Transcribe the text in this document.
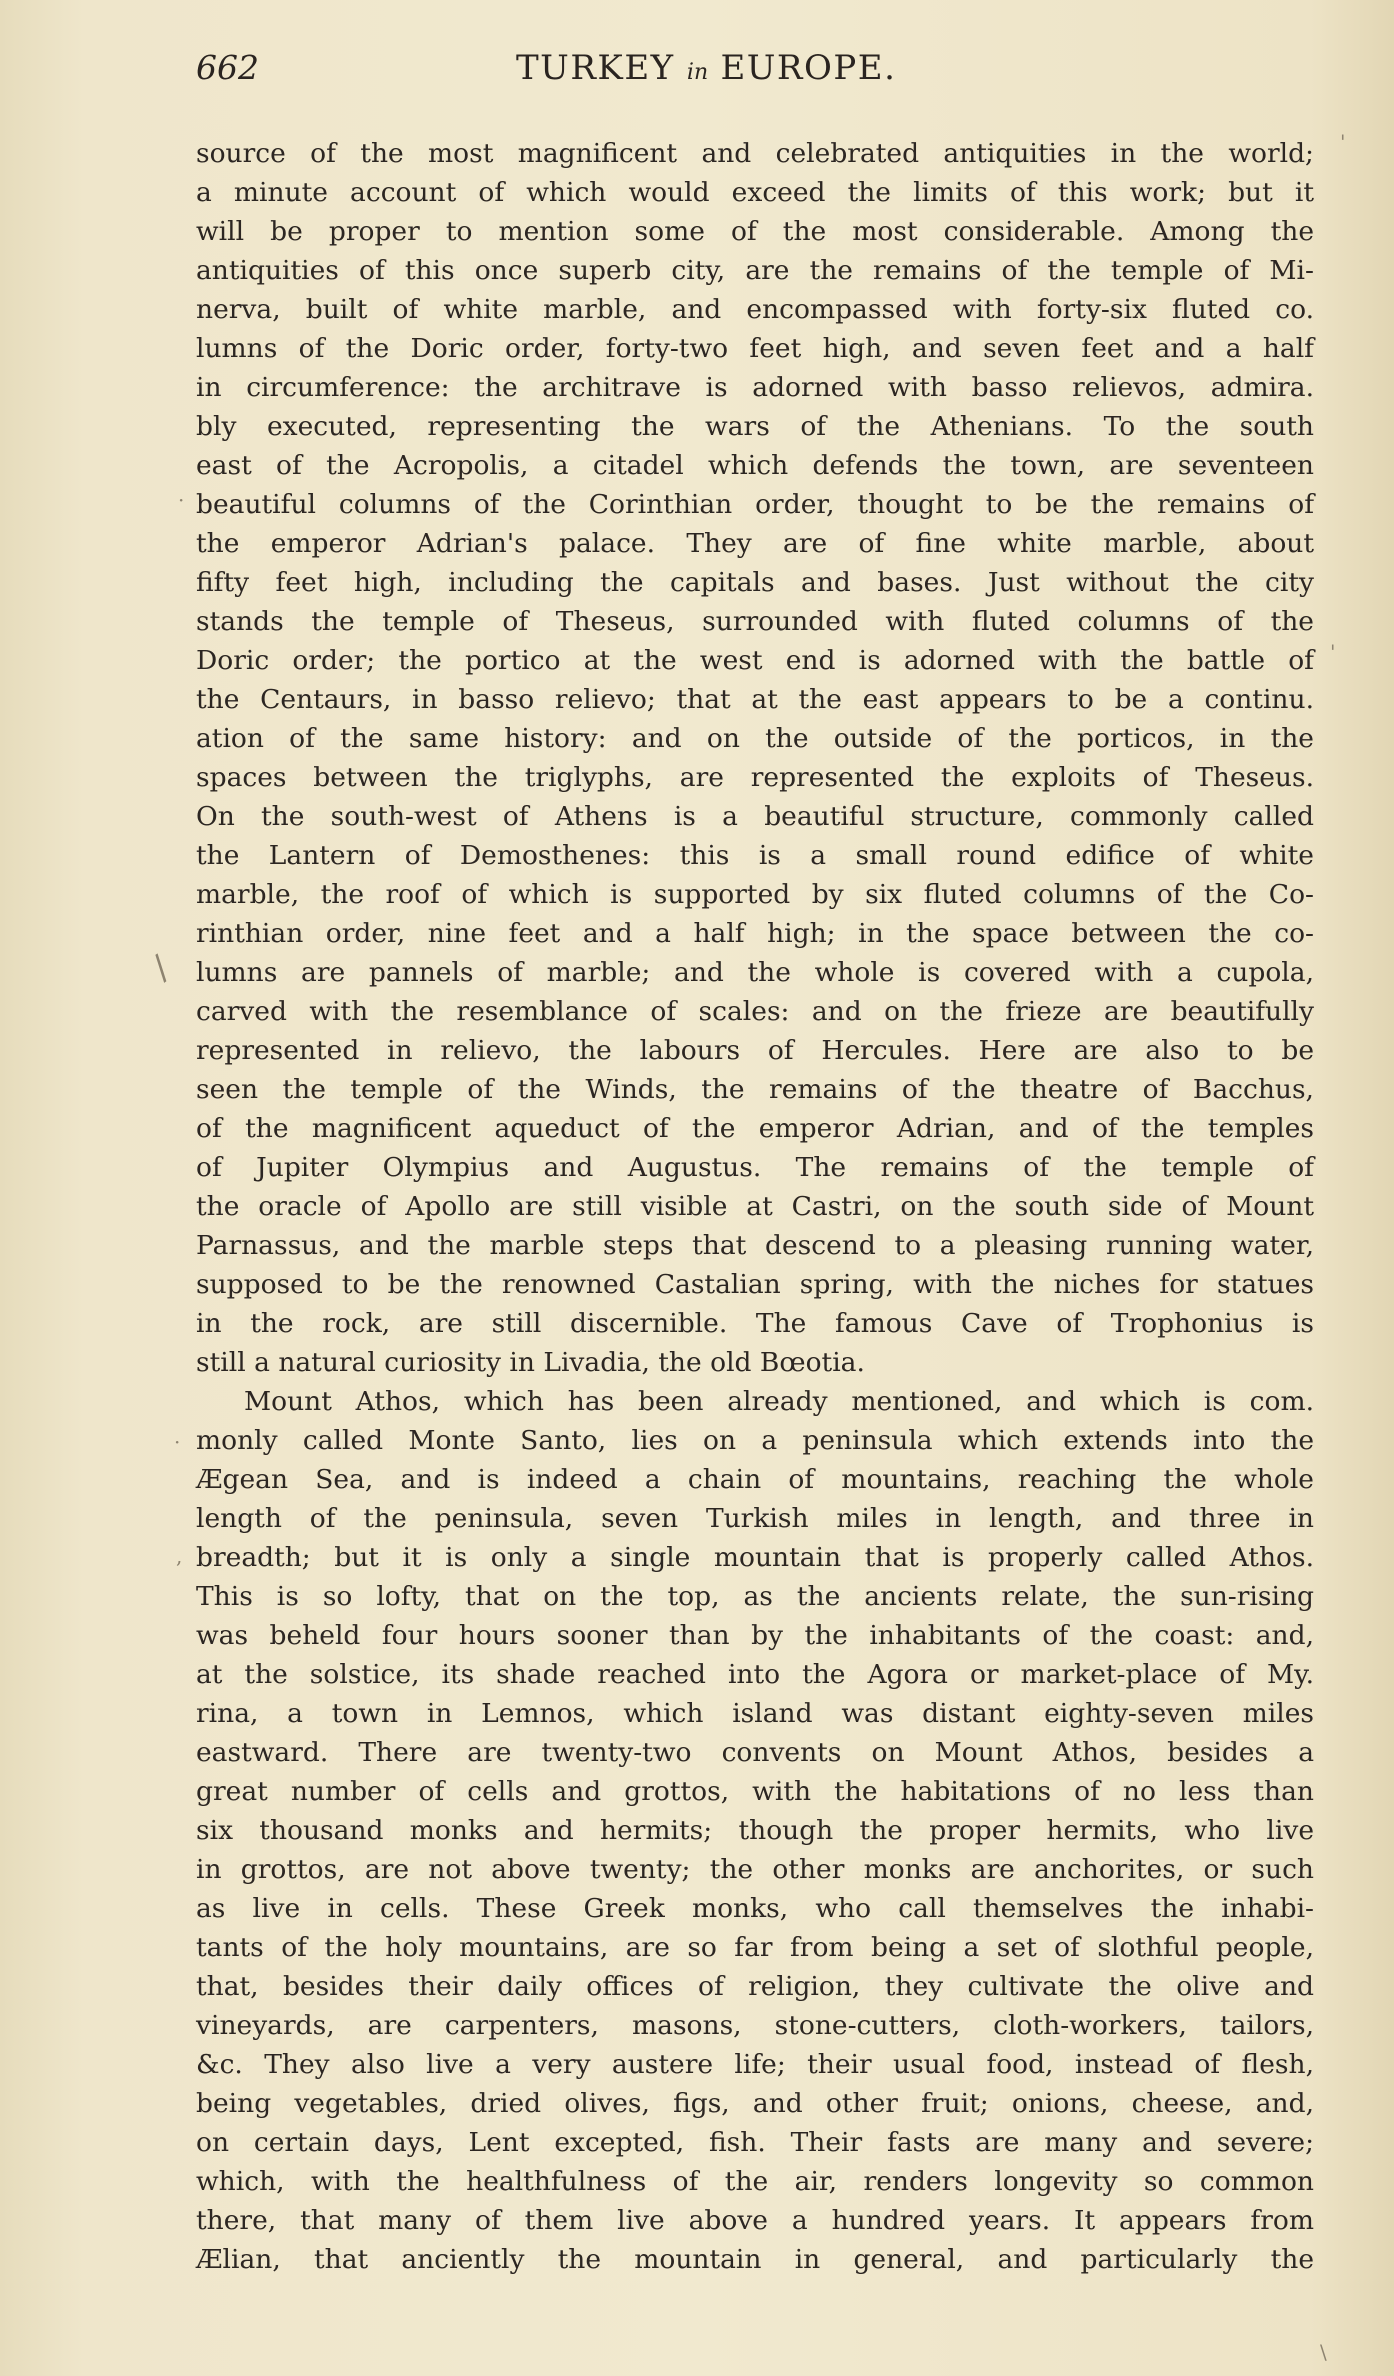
662	TURKEY in EUROPE.
source of the most magnificent and celebrated antiquities in the world;
a minute account of which would exceed the limits of this work; but it
will be proper to mention some of the most considerable. Among the
antiquities of this once superb city, are the remains of the temple of Mi-
nerva, built of white marble, and encompassed with forty-six fluted co.
lumns of the Doric order, forty-two feet high, and seven feet and a half
in circumference: the architrave is adorned with basso relievos, admira.
bly executed, representing the wars of the Athenians. To the south
east of the Acropolis, a citadel which defends the town, are seventeen
beautiful columns of the Corinthian order, thought to be the remains of
the emperor Adrian's palace. They are of fine white marble, about
fifty feet high, including the capitals and bases. Just without the city
stands the temple of Theseus, surrounded with fluted columns of the
Doric order; the portico at the west end is adorned with the battle of
the Centaurs, in basso relievo; that at the east appears to be a continu.
ation of the same history: and on the outside of the porticos, in the
spaces between the triglyphs, are represented the exploits of Theseus.
On the south-west of Athens is a beautiful structure, commonly called
the Lantern of Demosthenes: this is a small round edifice of white
marble, the roof of which is supported by six fluted columns of the Co-
rinthian order, nine feet and a half high; in the space between the co-
lumns are pannels of marble; and the whole is covered with a cupola,
carved with the resemblance of scales: and on the frieze are beautifully
represented in relievo, the labours of Hercules. Here are also to be
seen the temple of the Winds, the remains of the theatre of Bacchus,
of the magnificent aqueduct of the emperor Adrian, and of the temples
of Jupiter Olympius and Augustus. The remains of the temple of
the oracle of Apollo are still visible at Castri, on the south side of Mount
Parnassus, and the marble steps that descend to a pleasing running water,
supposed to be the renowned Castalian spring, with the niches for statues
in the rock, are still discernible. The famous Cave of Trophonius is
still a natural curiosity in Livadia, the old Bœotia.
Mount Athos, which has been already mentioned, and which is com.
monly called Monte Santo, lies on a peninsula which extends into the
Ægean Sea, and is indeed a chain of mountains, reaching the whole
length of the peninsula, seven Turkish miles in length, and three in
breadth; but it is only a single mountain that is properly called Athos.
This is so lofty, that on the top, as the ancients relate, the sun-rising
was beheld four hours sooner than by the inhabitants of the coast: and,
at the solstice, its shade reached into the Agora or market-place of My.
rina, a town in Lemnos, which island was distant eighty-seven miles
eastward. There are twenty-two convents on Mount Athos, besides a
great number of cells and grottos, with the habitations of no less than
six thousand monks and hermits; though the proper hermits, who live
in grottos, are not above twenty; the other monks are anchorites, or such
as live in cells. These Greek monks, who call themselves the inhabi-
tants of the holy mountains, are so far from being a set of slothful people,
that, besides their daily offices of religion, they cultivate the olive and
vineyards, are carpenters, masons, stone-cutters, cloth-workers, tailors,
&c. They also live a very austere life; their usual food, instead of flesh,
being vegetables, dried olives, figs, and other fruit; onions, cheese, and,
on certain days, Lent excepted, fish. Their fasts are many and severe;
which, with the healthfulness of the air, renders longevity so common
there, that many of them live above a hundred years. It appears from
Ælian, that anciently the mountain in general, and particularly the
·
/
'
'
·
,
\
